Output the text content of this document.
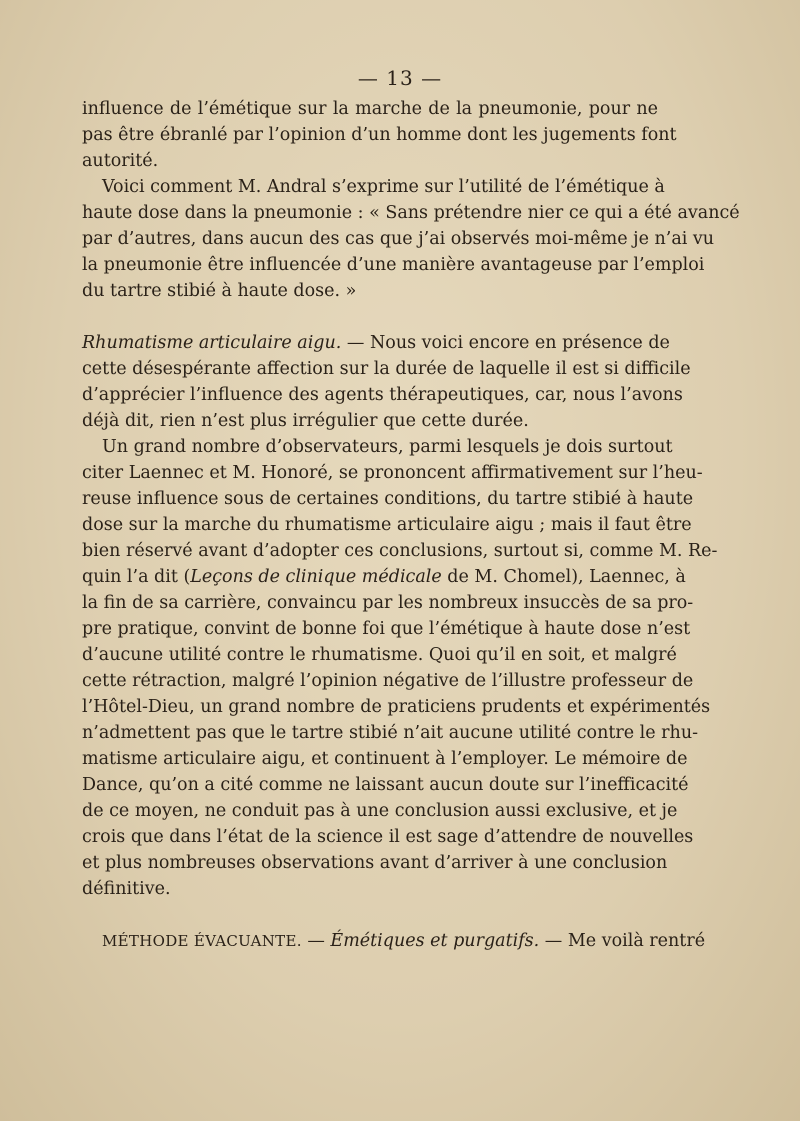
— 13 —
influence de l’émétique sur la marche de la pneumonie, pour ne
pas être ébranlé par l’opinion d’un homme dont les jugements font
autorité.
Voici comment M. Andral s’exprime sur l’utilité de l’émétique à
haute dose dans la pneumonie : « Sans prétendre nier ce qui a été avancé
par d’autres, dans aucun des cas que j’ai observés moi-même je n’ai vu
la pneumonie être influencée d’une manière avantageuse par l’emploi
du tartre stibié à haute dose. »
Rhumatisme articulaire aigu. — Nous voici encore en présence de
cette désespérante affection sur la durée de laquelle il est si difficile
d’apprécier l’influence des agents thérapeutiques, car, nous l’avons
déjà dit, rien n’est plus irrégulier que cette durée.
Un grand nombre d’observateurs, parmi lesquels je dois surtout
citer Laennec et M. Honoré, se prononcent affirmativement sur l’heu-
reuse influence sous de certaines conditions, du tartre stibié à haute
dose sur la marche du rhumatisme articulaire aigu ; mais il faut être
bien réservé avant d’adopter ces conclusions, surtout si, comme M. Re-
quin l’a dit (Leçons de clinique médicale de M. Chomel), Laennec, à
la fin de sa carrière, convaincu par les nombreux insuccès de sa pro-
pre pratique, convint de bonne foi que l’émétique à haute dose n’est
d’aucune utilité contre le rhumatisme. Quoi qu’il en soit, et malgré
cette rétraction, malgré l’opinion négative de l’illustre professeur de
l’Hôtel-Dieu, un grand nombre de praticiens prudents et expérimentés
n’admettent pas que le tartre stibié n’ait aucune utilité contre le rhu-
matisme articulaire aigu, et continuent à l’employer. Le mémoire de
Dance, qu’on a cité comme ne laissant aucun doute sur l’inefficacité
de ce moyen, ne conduit pas à une conclusion aussi exclusive, et je
crois que dans l’état de la science il est sage d’attendre de nouvelles
et plus nombreuses observations avant d’arriver à une conclusion
définitive.
MÉTHODE ÉVACUANTE. — Émétiques et purgatifs. — Me voilà rentré
